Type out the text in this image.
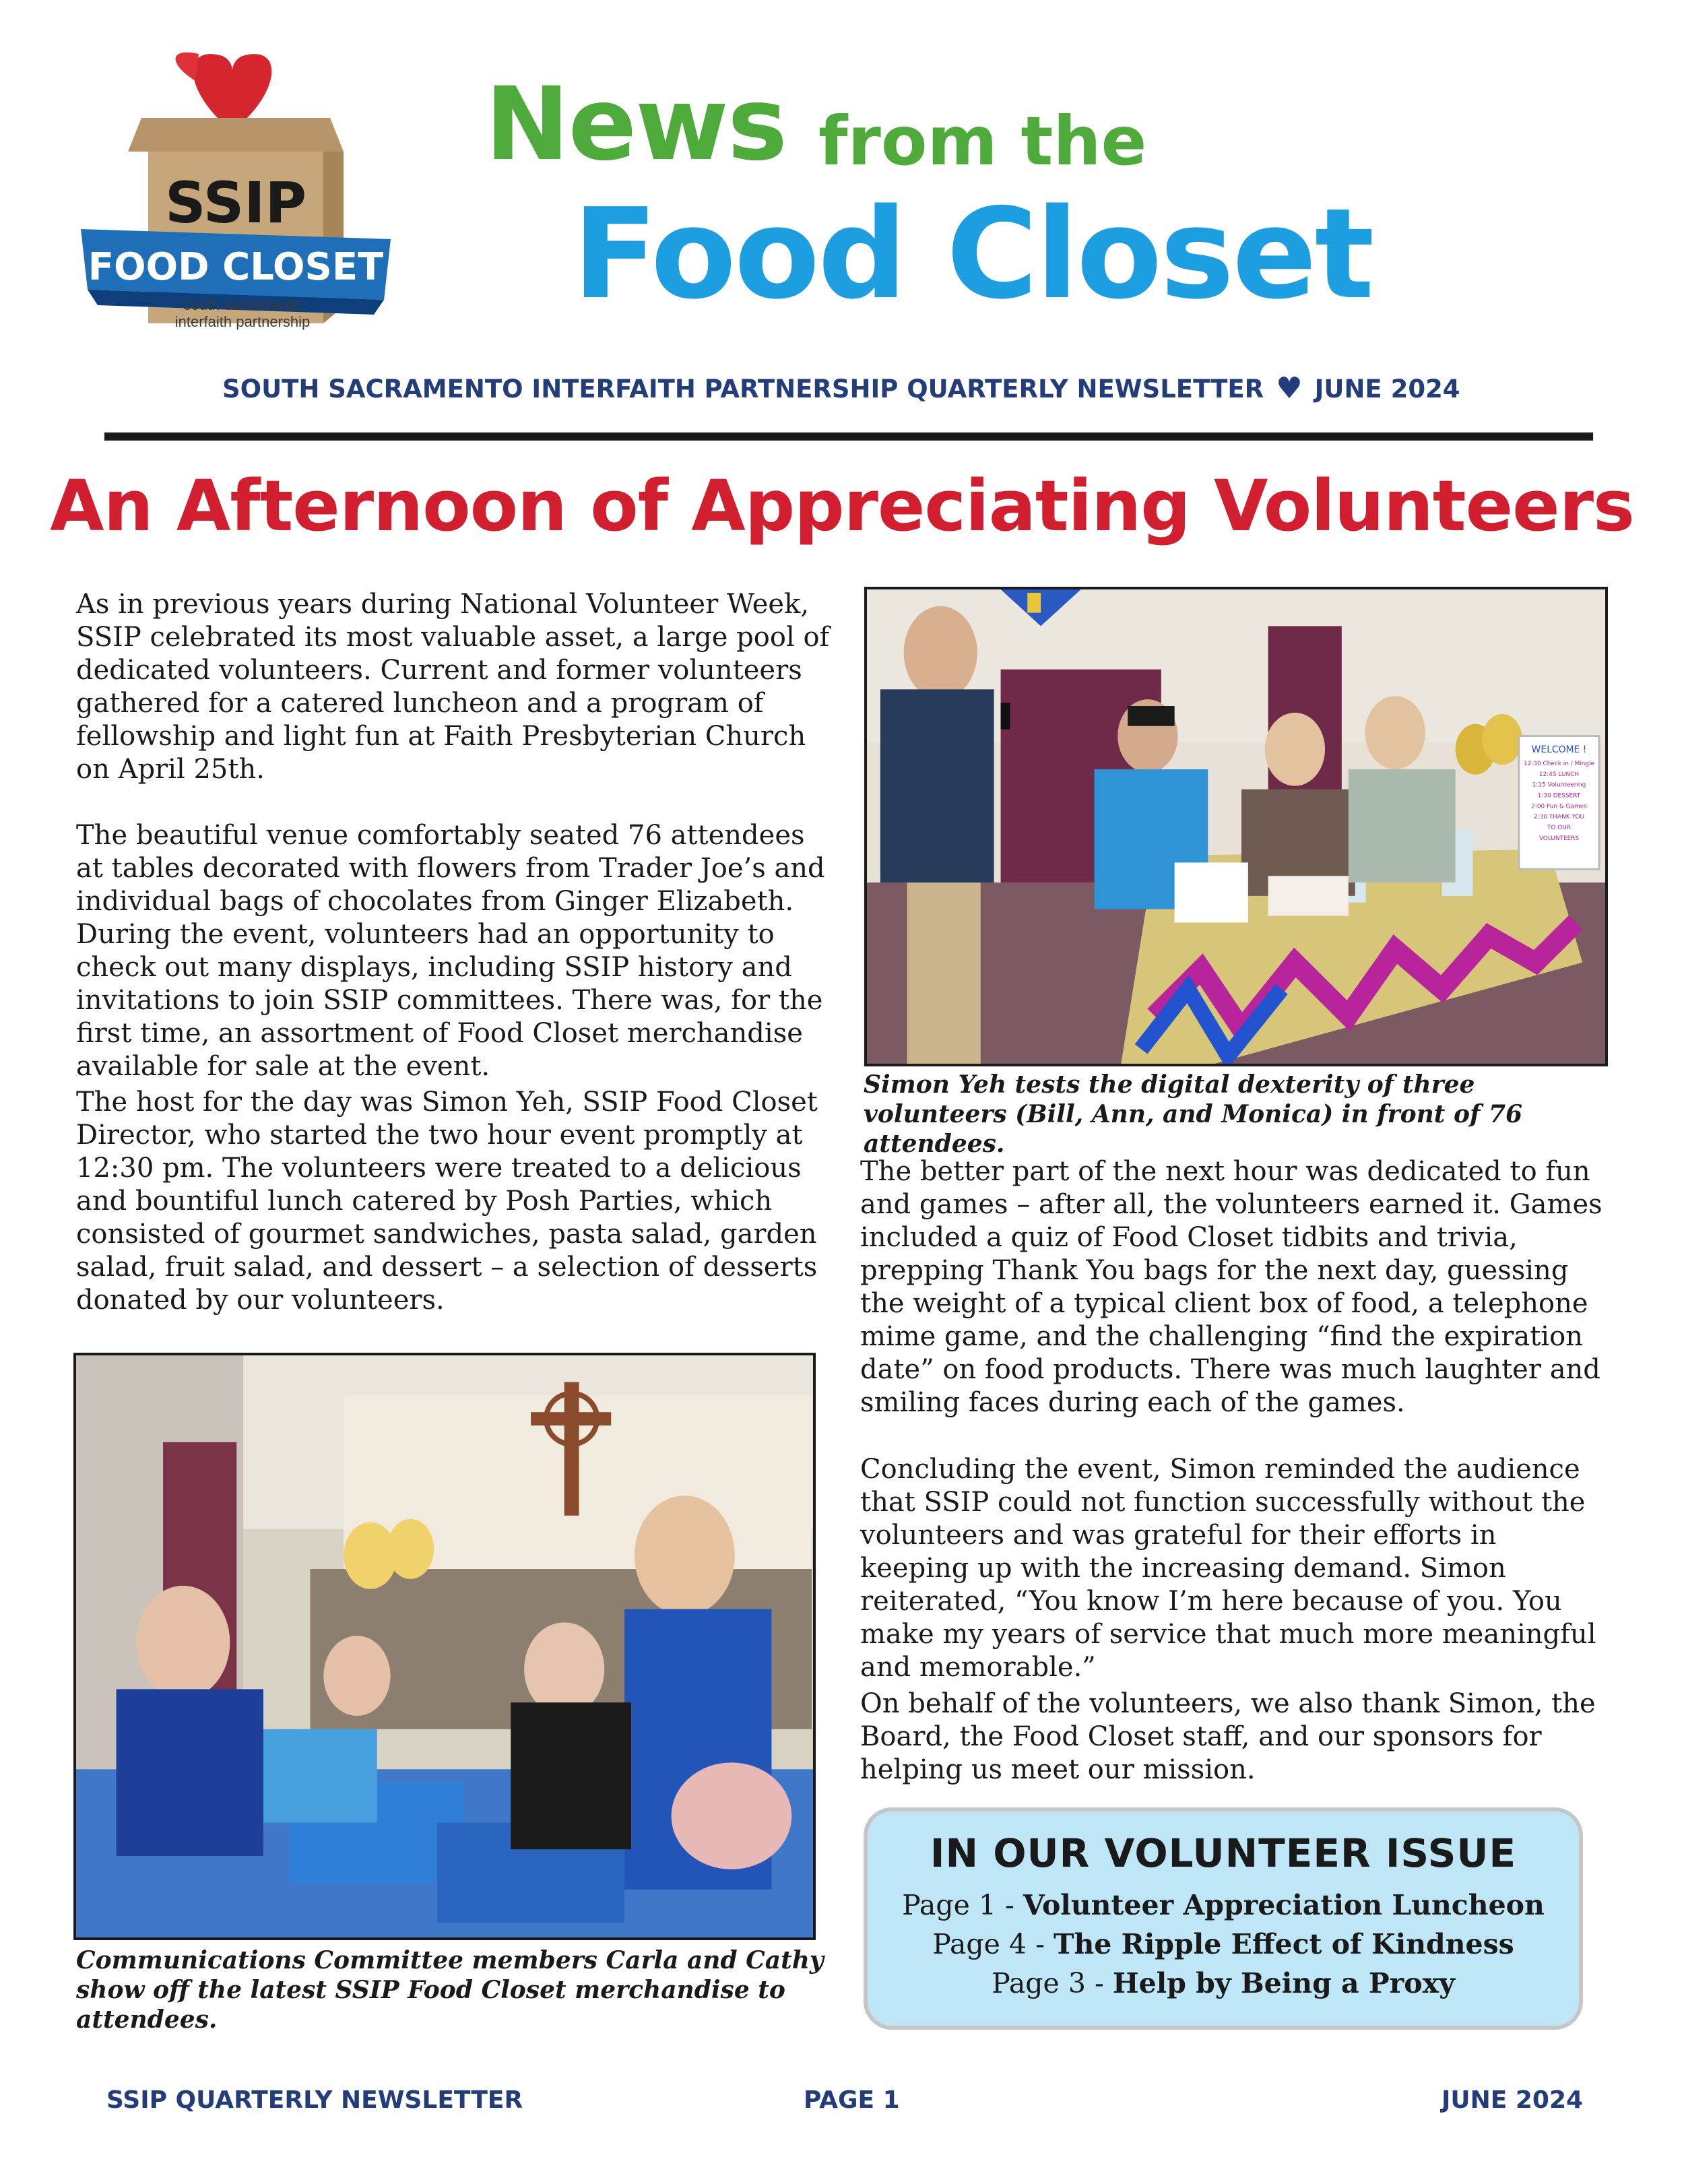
SSIP
FOOD CLOSET
south sacramento
interfaith partnership
News from the
Food Closet
SOUTH SACRAMENTO INTERFAITH PARTNERSHIP QUARTERLY NEWSLETTER ♥ JUNE 2024
An Afternoon of Appreciating Volunteers

As in previous years during National Volunteer Week, SSIP celebrated its most valuable asset, a large pool of dedicated volunteers. Current and former volunteers gathered for a catered luncheon and a program of fellowship and light fun at Faith Presbyterian Church on April 25th.

The beautiful venue comfortably seated 76 attendees at tables decorated with flowers from Trader Joe’s and individual bags of chocolates from Ginger Elizabeth. During the event, volunteers had an opportunity to check out many displays, including SSIP history and invitations to join SSIP committees. There was, for the first time, an assortment of Food Closet merchandise available for sale at the event.

The host for the day was Simon Yeh, SSIP Food Closet Director, who started the two hour event promptly at 12:30 pm. The volunteers were treated to a delicious and bountiful lunch catered by Posh Parties, which consisted of gourmet sandwiches, pasta salad, garden salad, fruit salad, and dessert – a selection of desserts donated by our volunteers.

Communications Committee members Carla and Cathy show off the latest SSIP Food Closet merchandise to attendees.
WELCOME !
12:30 Check in / Mingle
12:45 LUNCH
1:15 Volunteering
1:30 DESSERT
2:00 Fun & Games
2:30 THANK YOU
TO OUR
VOLUNTEERS
Simon Yeh tests the digital dexterity of three volunteers (Bill, Ann, and Monica) in front of 76 attendees.

The better part of the next hour was dedicated to fun and games – after all, the volunteers earned it. Games included a quiz of Food Closet tidbits and trivia, prepping Thank You bags for the next day, guessing the weight of a typical client box of food, a telephone mime game, and the challenging “find the expiration date” on food products. There was much laughter and smiling faces during each of the games.

Concluding the event, Simon reminded the audience that SSIP could not function successfully without the volunteers and was grateful for their efforts in keeping up with the increasing demand. Simon reiterated, “You know I’m here because of you. You make my years of service that much more meaningful and memorable.”

On behalf of the volunteers, we also thank Simon, the Board, the Food Closet staff, and our sponsors for helping us meet our mission.

IN OUR VOLUNTEER ISSUE
Page 1 - Volunteer Appreciation Luncheon
Page 4 - The Ripple Effect of Kindness
Page 3 - Help by Being a Proxy
SSIP QUARTERLY NEWSLETTER	PAGE 1	JUNE 2024
